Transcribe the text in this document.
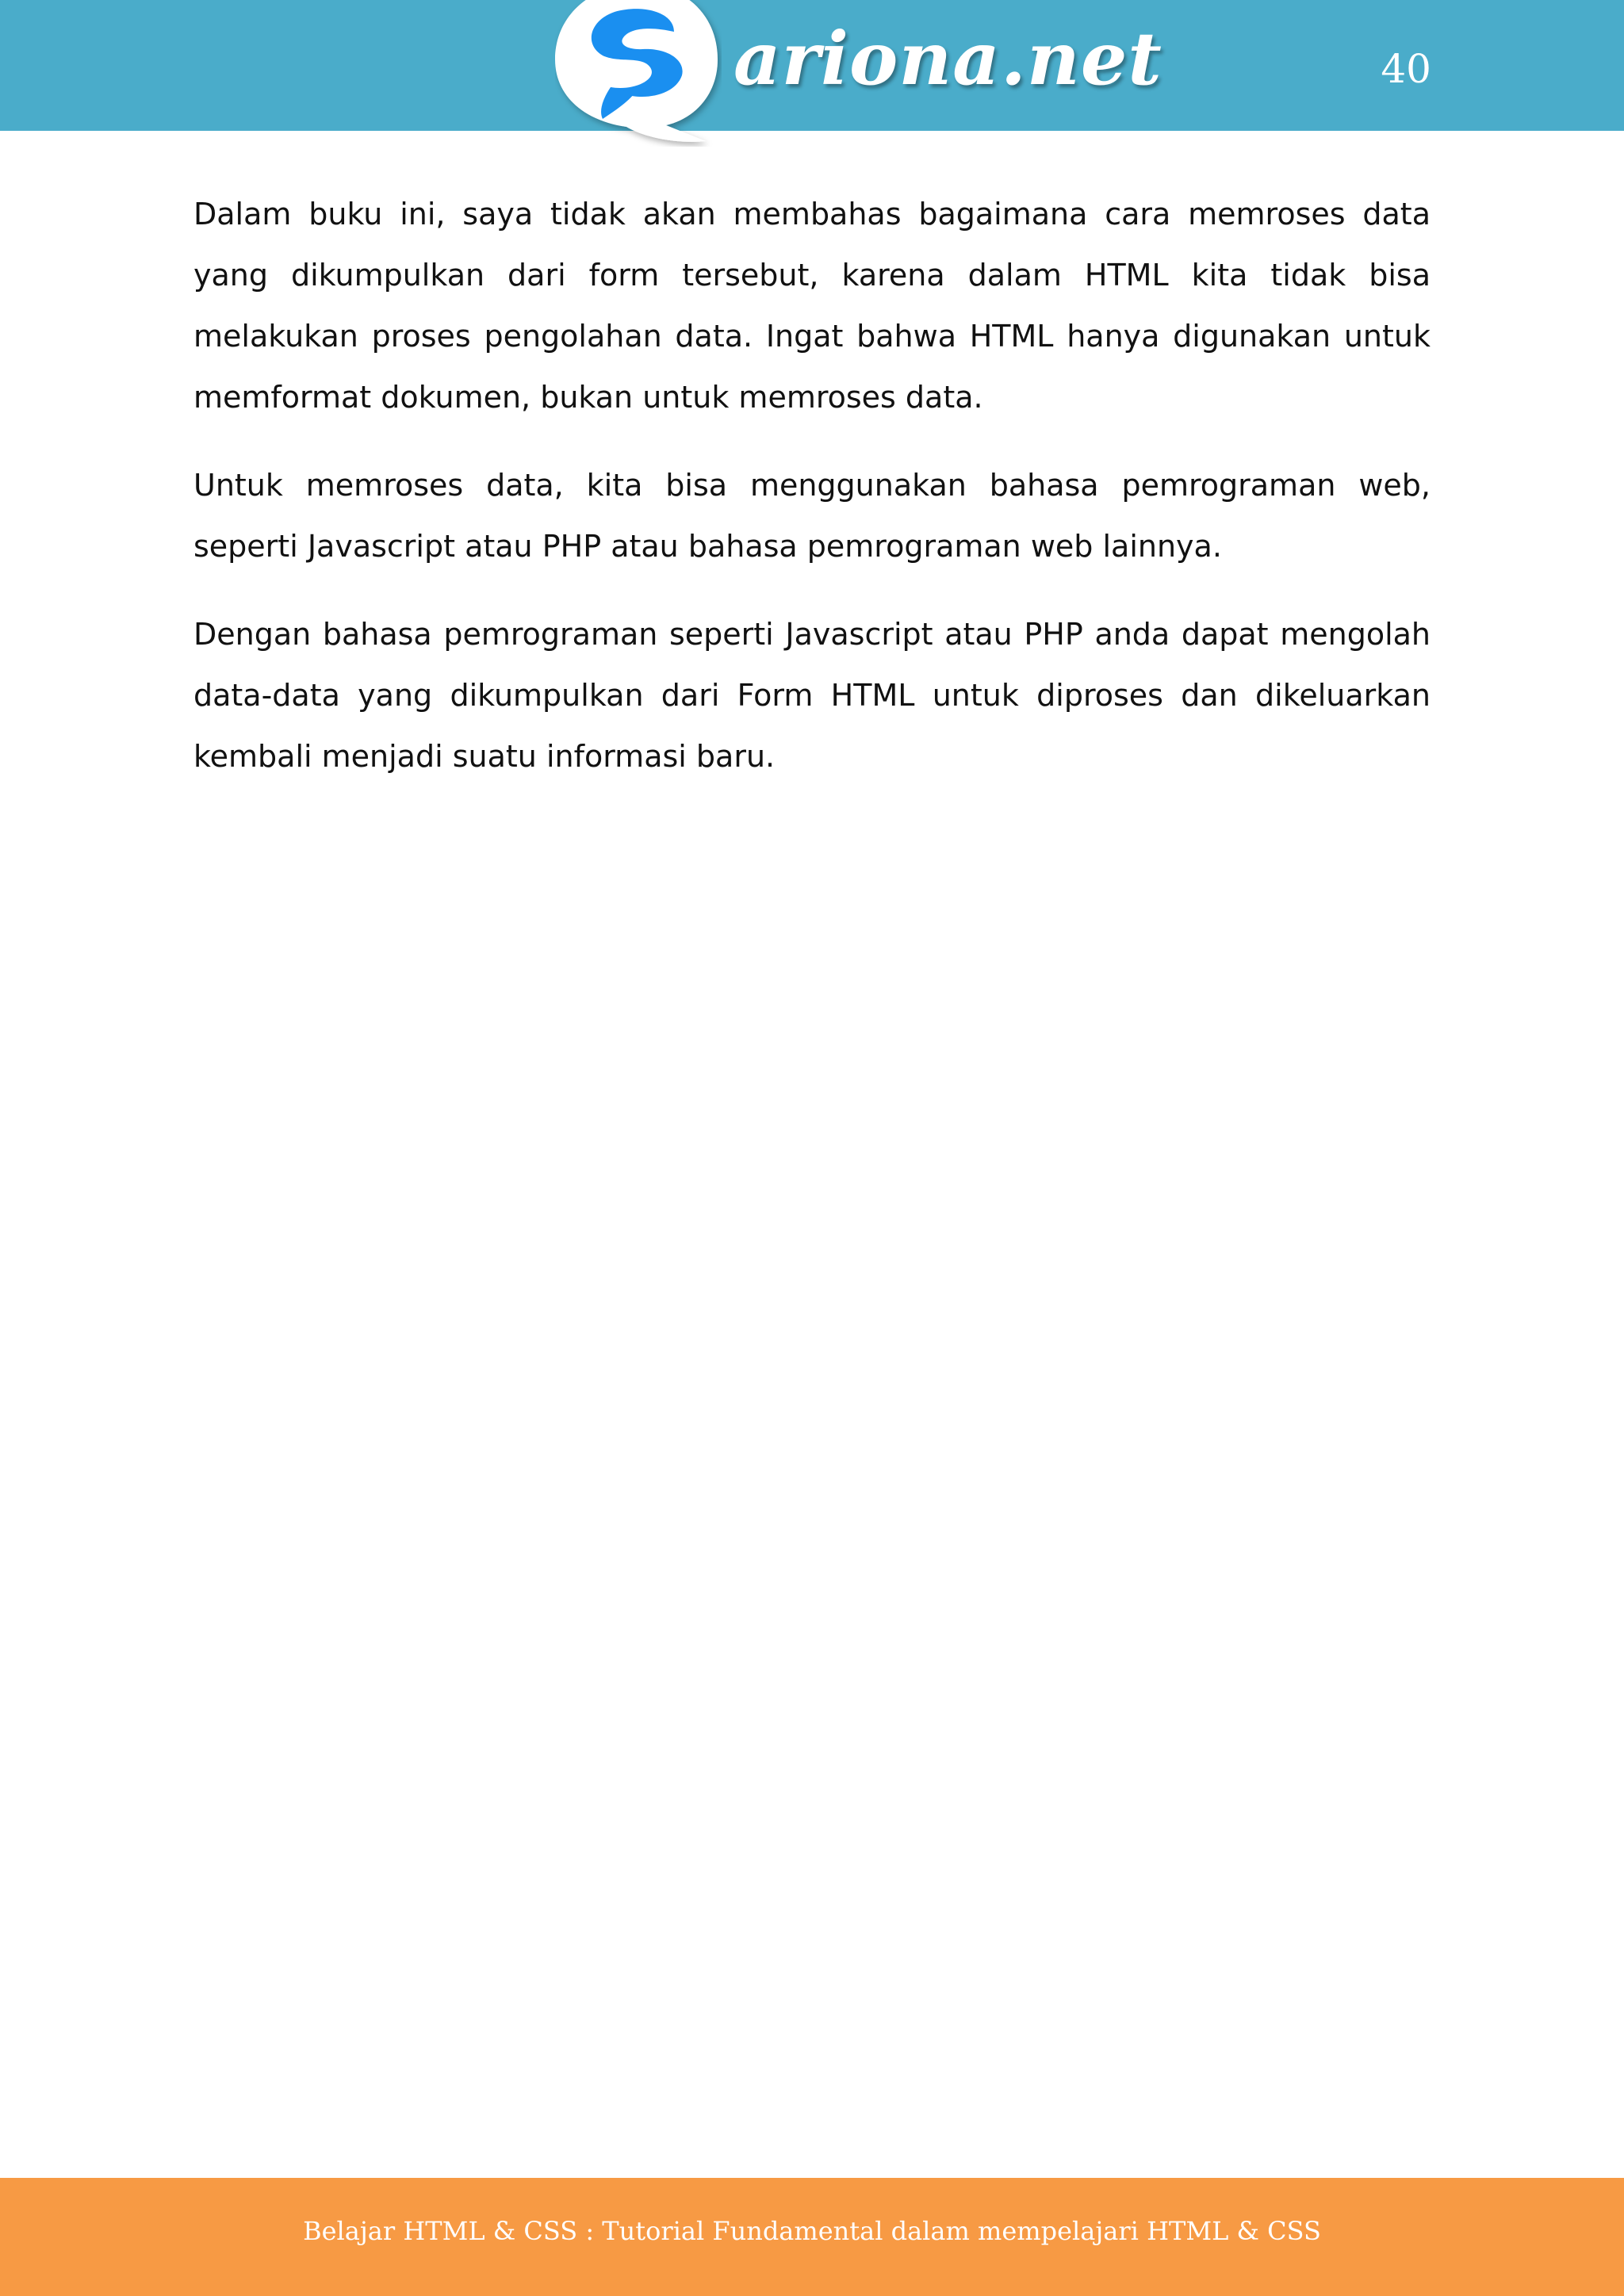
ariona.net	40

Dalam buku ini, saya tidak akan membahas bagaimana cara memroses data yang dikumpulkan dari form tersebut, karena dalam HTML kita tidak bisa melakukan proses pengolahan data. Ingat bahwa HTML hanya digunakan untuk memformat dokumen, bukan untuk memroses data.

Untuk memroses data, kita bisa menggunakan bahasa pemrograman web, seperti Javascript atau PHP atau bahasa pemrograman web lainnya.

Dengan bahasa pemrograman seperti Javascript atau PHP anda dapat mengolah data-data yang dikumpulkan dari Form HTML untuk diproses dan dikeluarkan kembali menjadi suatu informasi baru.

Belajar HTML & CSS : Tutorial Fundamental dalam mempelajari HTML & CSS
